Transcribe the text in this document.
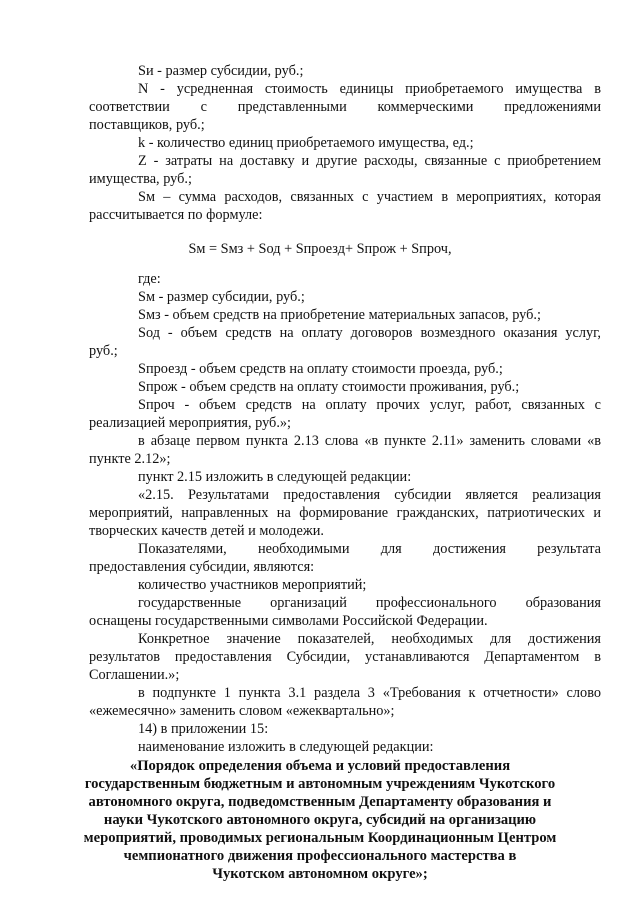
Sи - размер субсидии, руб.;
N - усредненная стоимость единицы приобретаемого имущества в
соответствии с представленными коммерческими предложениями
поставщиков, руб.;
k - количество единиц приобретаемого имущества, ед.;
Z - затраты на доставку и другие расходы, связанные с приобретением
имущества, руб.;
Sм – сумма расходов, связанных с участием в мероприятиях, которая
рассчитывается по формуле:
Sм = Sмз + Sод + Sпроезд+ Sпрож + Sпроч,
где:
Sм - размер субсидии, руб.;
Sмз - объем средств на приобретение материальных запасов, руб.;
Sод - объем средств на оплату договоров возмездного оказания услуг,
руб.;
Sпроезд - объем средств на оплату стоимости проезда, руб.;
Sпрож - объем средств на оплату стоимости проживания, руб.;
Sпроч - объем средств на оплату прочих услуг, работ, связанных с
реализацией мероприятия, руб.»;
в абзаце первом пункта 2.13 слова «в пункте 2.11» заменить словами «в
пункте 2.12»;
пункт 2.15 изложить в следующей редакции:
«2.15. Результатами предоставления субсидии является реализация
мероприятий, направленных на формирование гражданских, патриотических и
творческих качеств детей и молодежи.
Показателями, необходимыми для достижения результата
предоставления субсидии, являются:
количество участников мероприятий;
государственные организаций профессионального образования
оснащены государственными символами Российской Федерации.
Конкретное значение показателей, необходимых для достижения
результатов предоставления Субсидии, устанавливаются Департаментом в
Соглашении.»;
в подпункте 1 пункта 3.1 раздела 3 «Требования к отчетности» слово
«ежемесячно» заменить словом «ежеквартально»;
14) в приложении 15:
наименование изложить в следующей редакции:
«Порядок определения объема и условий предоставления
государственным бюджетным и автономным учреждениям Чукотского
автономного округа, подведомственным Департаменту образования и
науки Чукотского автономного округа, субсидий на организацию
мероприятий, проводимых региональным Координационным Центром
чемпионатного движения профессионального мастерства в
Чукотском автономном округе»;
